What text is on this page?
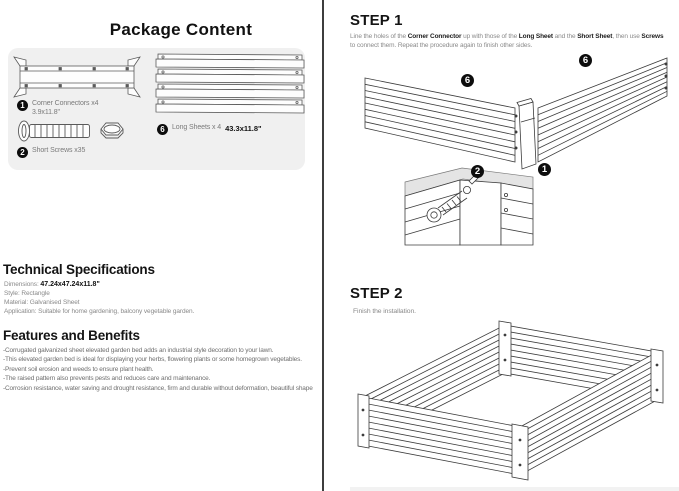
Package Content
1	Corner Connectors x4
3.9x11.8"
2	Short Screws x35
6	Long Sheets x 4 43.3x11.8"
Technical Specifications
Dimensions: 47.24x47.24x11.8"
Style: Rectangle
Material: Galvanised Sheet
Application: Suitable for home gardening, balcony vegetable garden.
Features and Benefits
-Corrugated galvanized sheet elevated garden bed adds an industrial style decoration to your lawn.
-This elevated garden bed is ideal for displaying your herbs, flowering plants or some homegrown vegetables.
-Prevent soil erosion and weeds to ensure plant health.
-The raised pattern also prevents pests and reduces care and maintenance.
-Corrosion resistance, water saving and drought resistance, firm and durable without deformation, beautiful shape
STEP 1
Line the holes of the Corner Connector up with those of the Long Sheet and the Short Sheet, then use Screws to connect them. Repeat the procedure again to finish other sides.
6
6
1
2
STEP 2
Finish the installation.
